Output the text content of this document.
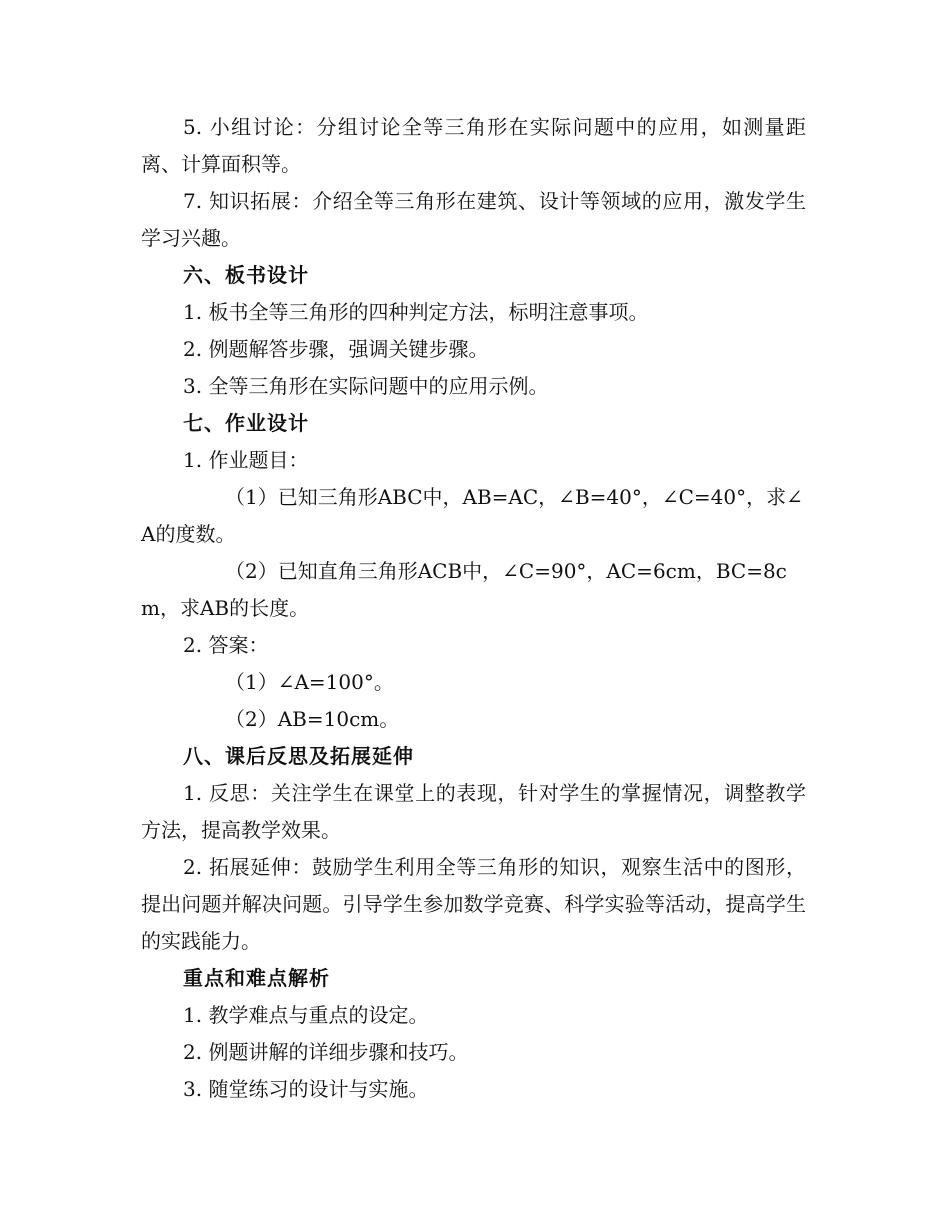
5. 小组讨论：分组讨论全等三角形在实际问题中的应用，如测量距离、计算面积等。

7. 知识拓展：介绍全等三角形在建筑、设计等领域的应用，激发学生学习兴趣。

六、板书设计

1. 板书全等三角形的四种判定方法，标明注意事项。

2. 例题解答步骤，强调关键步骤。

3. 全等三角形在实际问题中的应用示例。

七、作业设计

1. 作业题目：

（1）已知三角形ABC中，AB=AC，∠B=40°，∠C=40°，求∠A的度数。

（2）已知直角三角形ACB中，∠C=90°，AC=6cm，BC=8cm，求AB的长度。

2. 答案：

（1）∠A=100°。

（2）AB=10cm。

八、课后反思及拓展延伸

1. 反思：关注学生在课堂上的表现，针对学生的掌握情况，调整教学方法，提高教学效果。

2. 拓展延伸：鼓励学生利用全等三角形的知识，观察生活中的图形，提出问题并解决问题。引导学生参加数学竞赛、科学实验等活动，提高学生的实践能力。

重点和难点解析

1. 教学难点与重点的设定。

2. 例题讲解的详细步骤和技巧。

3. 随堂练习的设计与实施。
